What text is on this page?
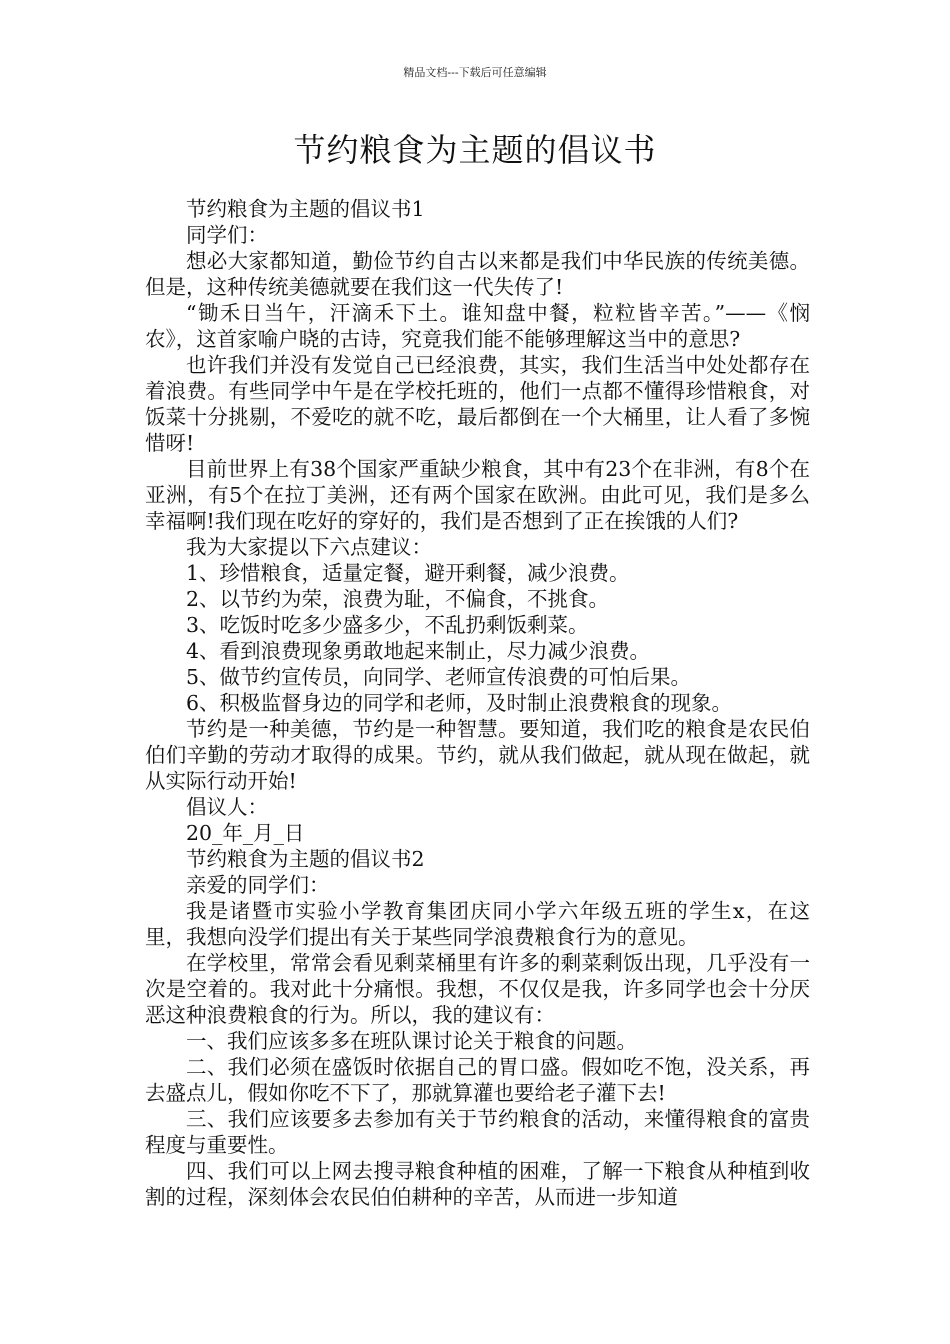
精品文档---下载后可任意编辑
节约粮食为主题的倡议书

节约粮食为主题的倡议书1

同学们：

想必大家都知道，勤俭节约自古以来都是我们中华民族的传统美德。但是，这种传统美德就要在我们这一代失传了!

“锄禾日当午，汗滴禾下土。谁知盘中餐，粒粒皆辛苦。”——《悯农》，这首家喻户晓的古诗，究竟我们能不能够理解这当中的意思?

也许我们并没有发觉自己已经浪费，其实，我们生活当中处处都存在着浪费。有些同学中午是在学校托班的，他们一点都不懂得珍惜粮食，对饭菜十分挑剔，不爱吃的就不吃，最后都倒在一个大桶里，让人看了多惋惜呀!

目前世界上有38个国家严重缺少粮食，其中有23个在非洲，有8个在亚洲，有5个在拉丁美洲，还有两个国家在欧洲。由此可见，我们是多么幸福啊!我们现在吃好的穿好的，我们是否想到了正在挨饿的人们?

我为大家提以下六点建议：

1、珍惜粮食，适量定餐，避开剩餐，减少浪费。

2、以节约为荣，浪费为耻，不偏食，不挑食。

3、吃饭时吃多少盛多少，不乱扔剩饭剩菜。

4、看到浪费现象勇敢地起来制止，尽力减少浪费。

5、做节约宣传员，向同学、老师宣传浪费的可怕后果。

6、积极监督身边的同学和老师，及时制止浪费粮食的现象。

节约是一种美德，节约是一种智慧。要知道，我们吃的粮食是农民伯伯们辛勤的劳动才取得的成果。节约，就从我们做起，就从现在做起，就从实际行动开始!

倡议人：

20_年_月_日

节约粮食为主题的倡议书2

亲爱的同学们：

我是诸暨市实验小学教育集团庆同小学六年级五班的学生x，在这里，我想向没学们提出有关于某些同学浪费粮食行为的意见。

在学校里，常常会看见剩菜桶里有许多的剩菜剩饭出现，几乎没有一次是空着的。我对此十分痛恨。我想，不仅仅是我，许多同学也会十分厌恶这种浪费粮食的行为。所以，我的建议有：

一、我们应该多多在班队课讨论关于粮食的问题。

二、我们必须在盛饭时依据自己的胃口盛。假如吃不饱，没关系，再去盛点儿，假如你吃不下了，那就算灌也要给老子灌下去!

三、我们应该要多去参加有关于节约粮食的活动，来懂得粮食的富贵程度与重要性。

四、我们可以上网去搜寻粮食种植的困难，了解一下粮食从种植到收割的过程，深刻体会农民伯伯耕种的辛苦，从而进一步知道
